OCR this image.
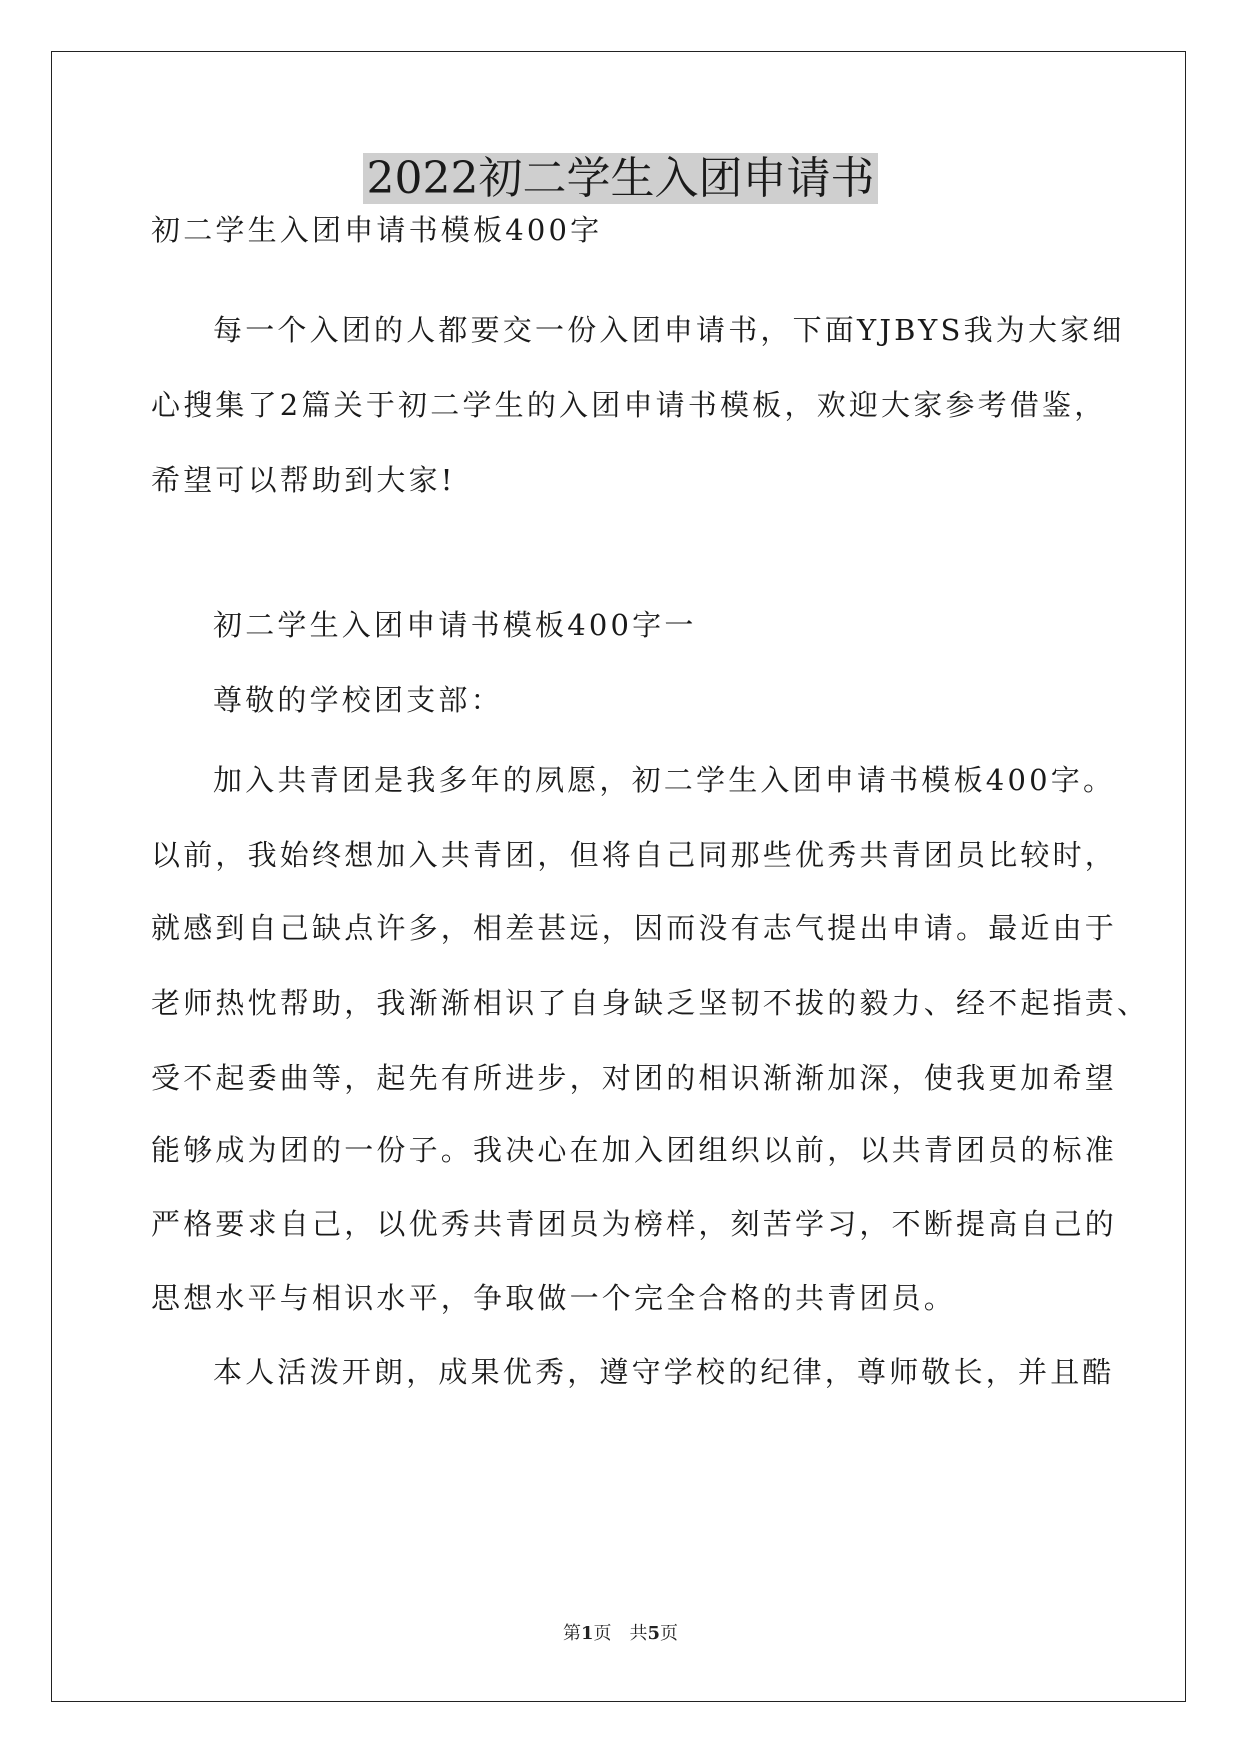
2022初二学生入团申请书
初二学生入团申请书模板400字
每一个入团的人都要交一份入团申请书，下面YJBYS我为大家细
心搜集了2篇关于初二学生的入团申请书模板，欢迎大家参考借鉴，
希望可以帮助到大家!
初二学生入团申请书模板400字一
尊敬的学校团支部：
加入共青团是我多年的夙愿，初二学生入团申请书模板400字。
以前，我始终想加入共青团，但将自己同那些优秀共青团员比较时，
就感到自己缺点许多，相差甚远，因而没有志气提出申请。最近由于
老师热忱帮助，我渐渐相识了自身缺乏坚韧不拔的毅力、经不起指责、
受不起委曲等，起先有所进步，对团的相识渐渐加深，使我更加希望
能够成为团的一份子。我决心在加入团组织以前，以共青团员的标准
严格要求自己，以优秀共青团员为榜样，刻苦学习，不断提高自己的
思想水平与相识水平，争取做一个完全合格的共青团员。
本人活泼开朗，成果优秀，遵守学校的纪律，尊师敬长，并且酷
第1页 共5页
